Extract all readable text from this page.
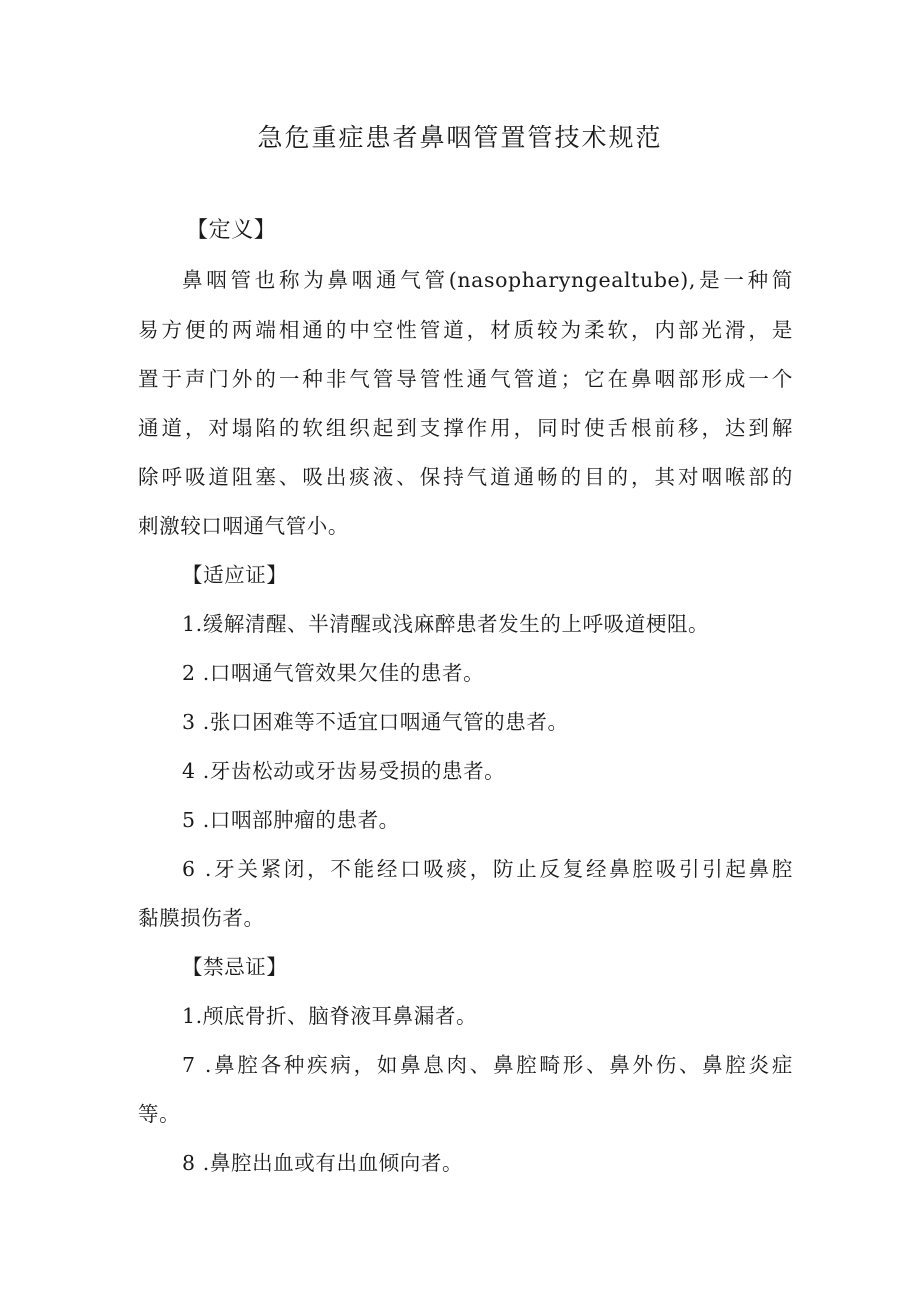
急危重症患者鼻咽管置管技术规范
【定义】
鼻咽管也称为鼻咽通气管(nasopharyngealtube),是一种简
易方便的两端相通的中空性管道，材质较为柔软，内部光滑，是
置于声门外的一种非气管导管性通气管道；它在鼻咽部形成一个
通道，对塌陷的软组织起到支撑作用，同时使舌根前移，达到解
除呼吸道阻塞、吸出痰液、保持气道通畅的目的，其对咽喉部的
刺激较口咽通气管小。
【适应证】
1.缓解清醒、半清醒或浅麻醉患者发生的上呼吸道梗阻。
2 .口咽通气管效果欠佳的患者。
3 .张口困难等不适宜口咽通气管的患者。
4 .牙齿松动或牙齿易受损的患者。
5 .口咽部肿瘤的患者。
6 .牙关紧闭，不能经口吸痰，防止反复经鼻腔吸引引起鼻腔
黏膜损伤者。
【禁忌证】
1.颅底骨折、脑脊液耳鼻漏者。
7 .鼻腔各种疾病，如鼻息肉、鼻腔畸形、鼻外伤、鼻腔炎症
等。
8 .鼻腔出血或有出血倾向者。
